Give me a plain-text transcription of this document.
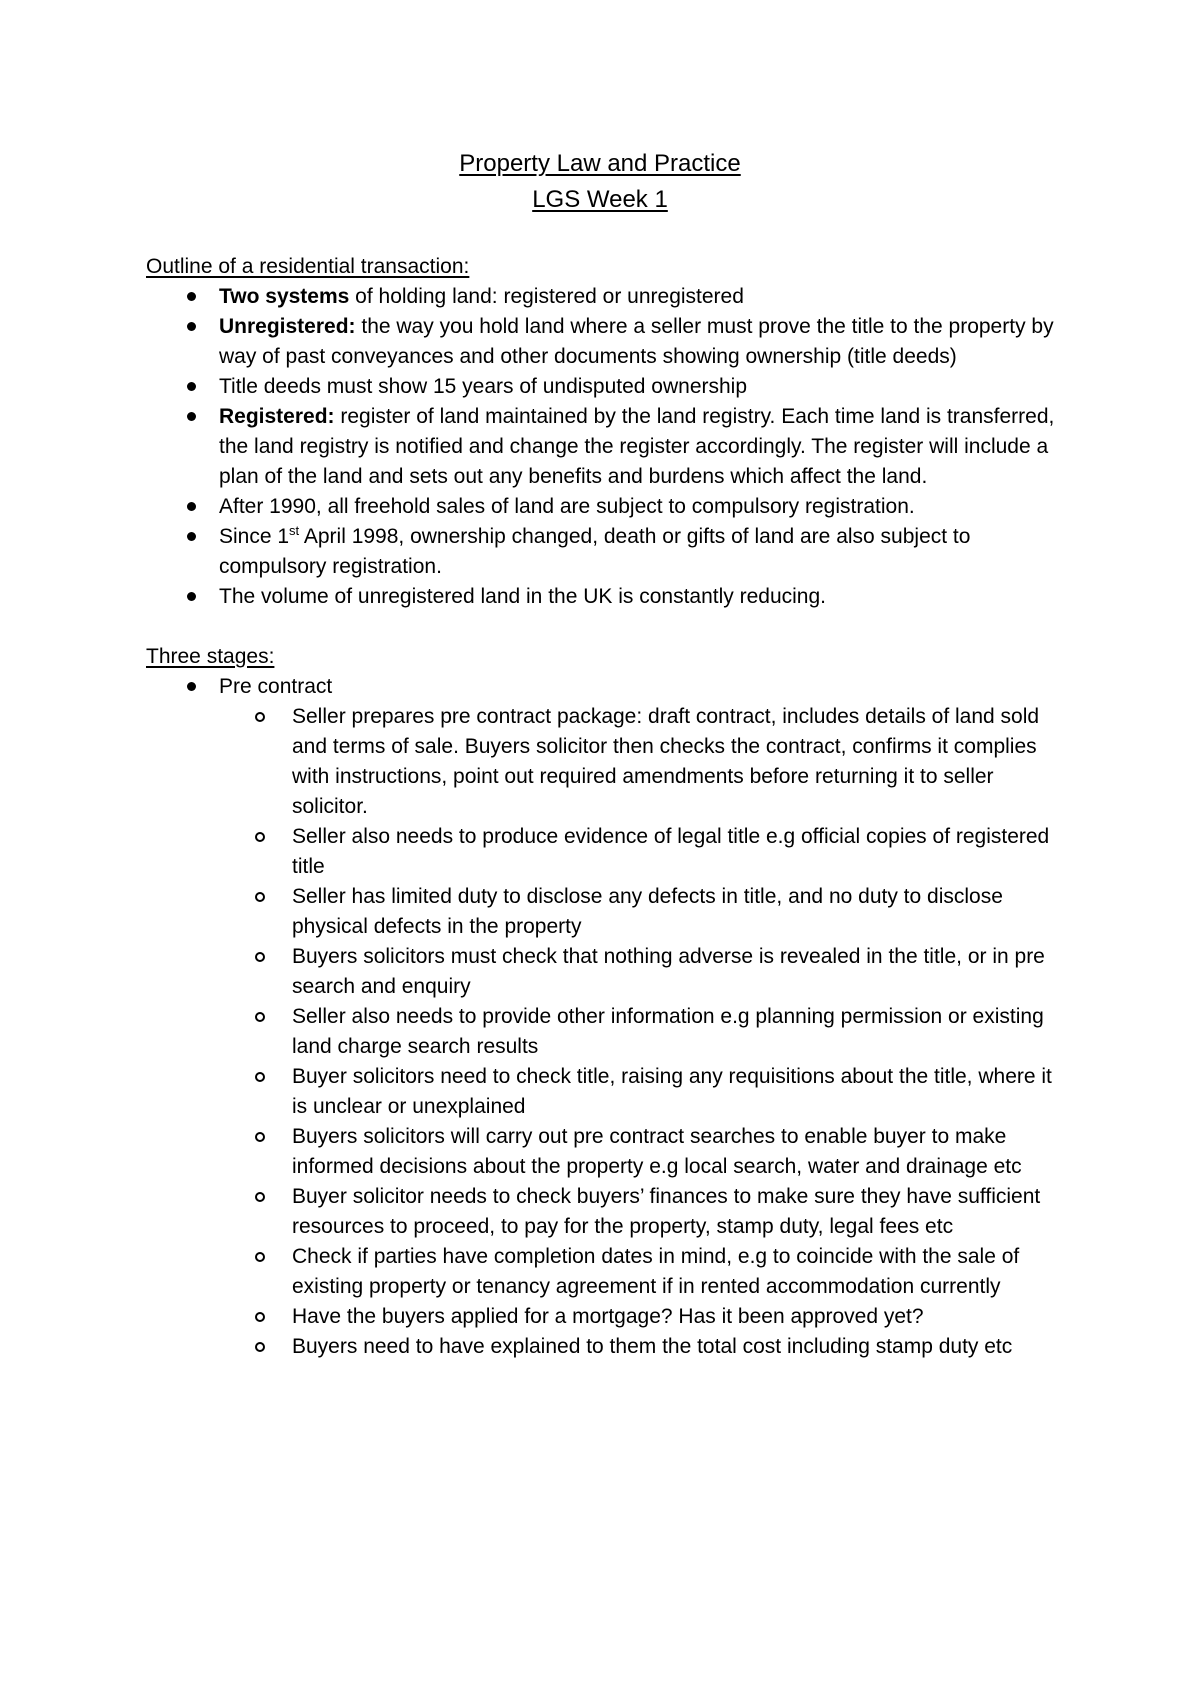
Property Law and Practice
LGS Week 1
Outline of a residential transaction:
Two systems of holding land: registered or unregistered
Unregistered: the way you hold land where a seller must prove the title to the property by way of past conveyances and other documents showing ownership (title deeds)
Title deeds must show 15 years of undisputed ownership
Registered: register of land maintained by the land registry. Each time land is transferred, the land registry is notified and change the register accordingly. The register will include a plan of the land and sets out any benefits and burdens which affect the land.
After 1990, all freehold sales of land are subject to compulsory registration.
Since 1st April 1998, ownership changed, death or gifts of land are also subject to compulsory registration.
The volume of unregistered land in the UK is constantly reducing.
Three stages:
Pre contract
Seller prepares pre contract package: draft contract, includes details of land sold and terms of sale. Buyers solicitor then checks the contract, confirms it complies with instructions, point out required amendments before returning it to seller solicitor.
Seller also needs to produce evidence of legal title e.g official copies of registered title
Seller has limited duty to disclose any defects in title, and no duty to disclose physical defects in the property
Buyers solicitors must check that nothing adverse is revealed in the title, or in pre search and enquiry
Seller also needs to provide other information e.g planning permission or existing land charge search results
Buyer solicitors need to check title, raising any requisitions about the title, where it is unclear or unexplained
Buyers solicitors will carry out pre contract searches to enable buyer to make informed decisions about the property e.g local search, water and drainage etc
Buyer solicitor needs to check buyers’ finances to make sure they have sufficient resources to proceed, to pay for the property, stamp duty, legal fees etc
Check if parties have completion dates in mind, e.g to coincide with the sale of existing property or tenancy agreement if in rented accommodation currently
Have the buyers applied for a mortgage? Has it been approved yet?
Buyers need to have explained to them the total cost including stamp duty etc
